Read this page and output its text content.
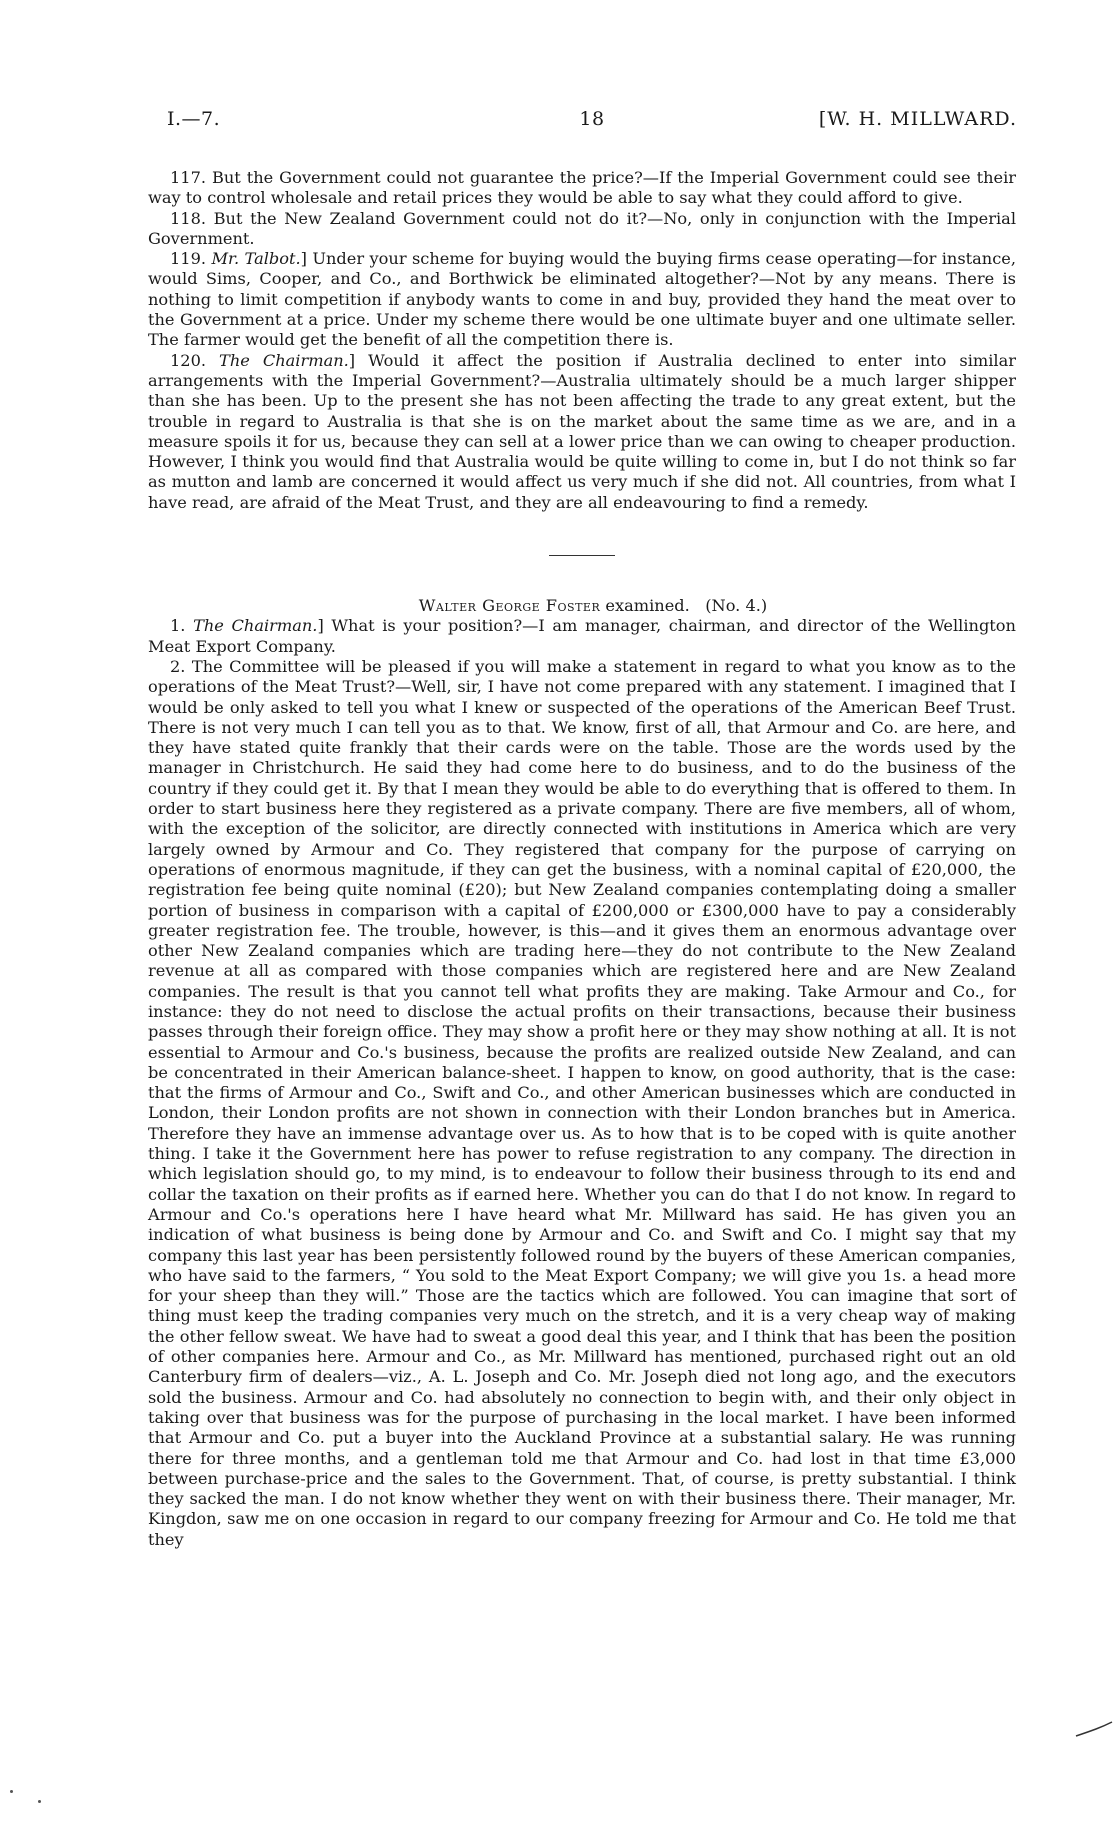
I.—7.	18	[W. H. MILLWARD.

117. But the Government could not guarantee the price?—If the Imperial Government could see their way to control wholesale and retail prices they would be able to say what they could afford to give.

118. But the New Zealand Government could not do it?—No, only in conjunction with the Imperial Government.

119. Mr. Talbot.] Under your scheme for buying would the buying firms cease operating—for instance, would Sims, Cooper, and Co., and Borthwick be eliminated altogether?—Not by any means. There is nothing to limit competition if anybody wants to come in and buy, provided they hand the meat over to the Government at a price. Under my scheme there would be one ultimate buyer and one ultimate seller. The farmer would get the benefit of all the competition there is.

120. The Chairman.] Would it affect the position if Australia declined to enter into similar arrangements with the Imperial Government?—Australia ultimately should be a much larger shipper than she has been. Up to the present she has not been affecting the trade to any great extent, but the trouble in regard to Australia is that she is on the market about the same time as we are, and in a measure spoils it for us, because they can sell at a lower price than we can owing to cheaper production. However, I think you would find that Australia would be quite willing to come in, but I do not think so far as mutton and lamb are concerned it would affect us very much if she did not. All countries, from what I have read, are afraid of the Meat Trust, and they are all endeavouring to find a remedy.

Walter George Foster examined. (No. 4.)

1. The Chairman.] What is your position?—I am manager, chairman, and director of the Wellington Meat Export Company.

2. The Committee will be pleased if you will make a statement in regard to what you know as to the operations of the Meat Trust?—Well, sir, I have not come prepared with any statement. I imagined that I would be only asked to tell you what I knew or suspected of the operations of the American Beef Trust. There is not very much I can tell you as to that. We know, first of all, that Armour and Co. are here, and they have stated quite frankly that their cards were on the table. Those are the words used by the manager in Christchurch. He said they had come here to do business, and to do the business of the country if they could get it. By that I mean they would be able to do everything that is offered to them. In order to start business here they registered as a private company. There are five members, all of whom, with the exception of the solicitor, are directly connected with institutions in America which are very largely owned by Armour and Co. They registered that company for the purpose of carrying on operations of enormous magnitude, if they can get the business, with a nominal capital of £20,000, the registration fee being quite nominal (£20); but New Zealand companies contemplating doing a smaller portion of business in comparison with a capital of £200,000 or £300,000 have to pay a considerably greater registration fee. The trouble, however, is this—and it gives them an enormous advantage over other New Zealand companies which are trading here—they do not contribute to the New Zealand revenue at all as compared with those companies which are registered here and are New Zealand companies. The result is that you cannot tell what profits they are making. Take Armour and Co., for instance: they do not need to disclose the actual profits on their transactions, because their business passes through their foreign office. They may show a profit here or they may show nothing at all. It is not essential to Armour and Co.'s business, because the profits are realized outside New Zealand, and can be concentrated in their American balance-sheet. I happen to know, on good authority, that is the case: that the firms of Armour and Co., Swift and Co., and other American businesses which are conducted in London, their London profits are not shown in connection with their London branches but in America. Therefore they have an immense advantage over us. As to how that is to be coped with is quite another thing. I take it the Government here has power to refuse registration to any company. The direction in which legislation should go, to my mind, is to endeavour to follow their business through to its end and collar the taxation on their profits as if earned here. Whether you can do that I do not know. In regard to Armour and Co.'s operations here I have heard what Mr. Millward has said. He has given you an indication of what business is being done by Armour and Co. and Swift and Co. I might say that my company this last year has been persistently followed round by the buyers of these American companies, who have said to the farmers, “ You sold to the Meat Export Company; we will give you 1s. a head more for your sheep than they will.” Those are the tactics which are followed. You can imagine that sort of thing must keep the trading companies very much on the stretch, and it is a very cheap way of making the other fellow sweat. We have had to sweat a good deal this year, and I think that has been the position of other companies here. Armour and Co., as Mr. Millward has mentioned, purchased right out an old Canterbury firm of dealers—viz., A. L. Joseph and Co. Mr. Joseph died not long ago, and the executors sold the business. Armour and Co. had absolutely no connection to begin with, and their only object in taking over that business was for the purpose of purchasing in the local market. I have been informed that Armour and Co. put a buyer into the Auckland Province at a substantial salary. He was running there for three months, and a gentleman told me that Armour and Co. had lost in that time £3,000 between purchase-price and the sales to the Government. That, of course, is pretty substantial. I think they sacked the man. I do not know whether they went on with their business there. Their manager, Mr. Kingdon, saw me on one occasion in regard to our company freezing for Armour and Co. He told me that they
